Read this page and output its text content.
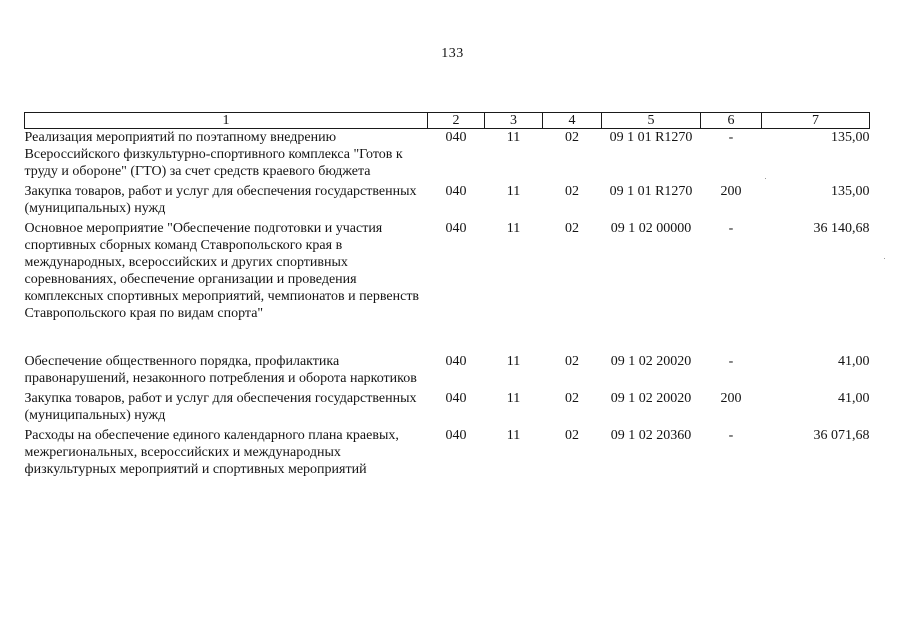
133
1	2	3	4	5	6	7
Реализация мероприятий по поэтапному внедрению Всероссийского физкультурно-спортивного комплекса "Готов к труду и обороне" (ГТО) за счет средств краевого бюджета	040	11	02	09 1 01 R1270	-	135,00
Закупка товаров, работ и услуг для обеспечения государственных (муниципальных) нужд	040	11	02	09 1 01 R1270	200	135,00
Основное мероприятие "Обеспечение подготовки и участия спортивных сборных команд Ставропольского края в международных, всероссийских и других спортивных соревнованиях, обеспечение организации и проведения комплексных спортивных мероприятий, чемпионатов и первенств Ставропольского края по видам спорта"	040	11	02	09 1 02 00000	-	36 140,68
Обеспечение общественного порядка, профилактика правонарушений, незаконного потребления и оборота наркотиков	040	11	02	09 1 02 20020	-	41,00
Закупка товаров, работ и услуг для обеспечения государственных (муниципальных) нужд	040	11	02	09 1 02 20020	200	41,00
Расходы на обеспечение единого календарного плана краевых, межрегиональных, всероссийских и международных физкультурных мероприятий и спортивных мероприятий	040	11	02	09 1 02 20360	-	36 071,68
